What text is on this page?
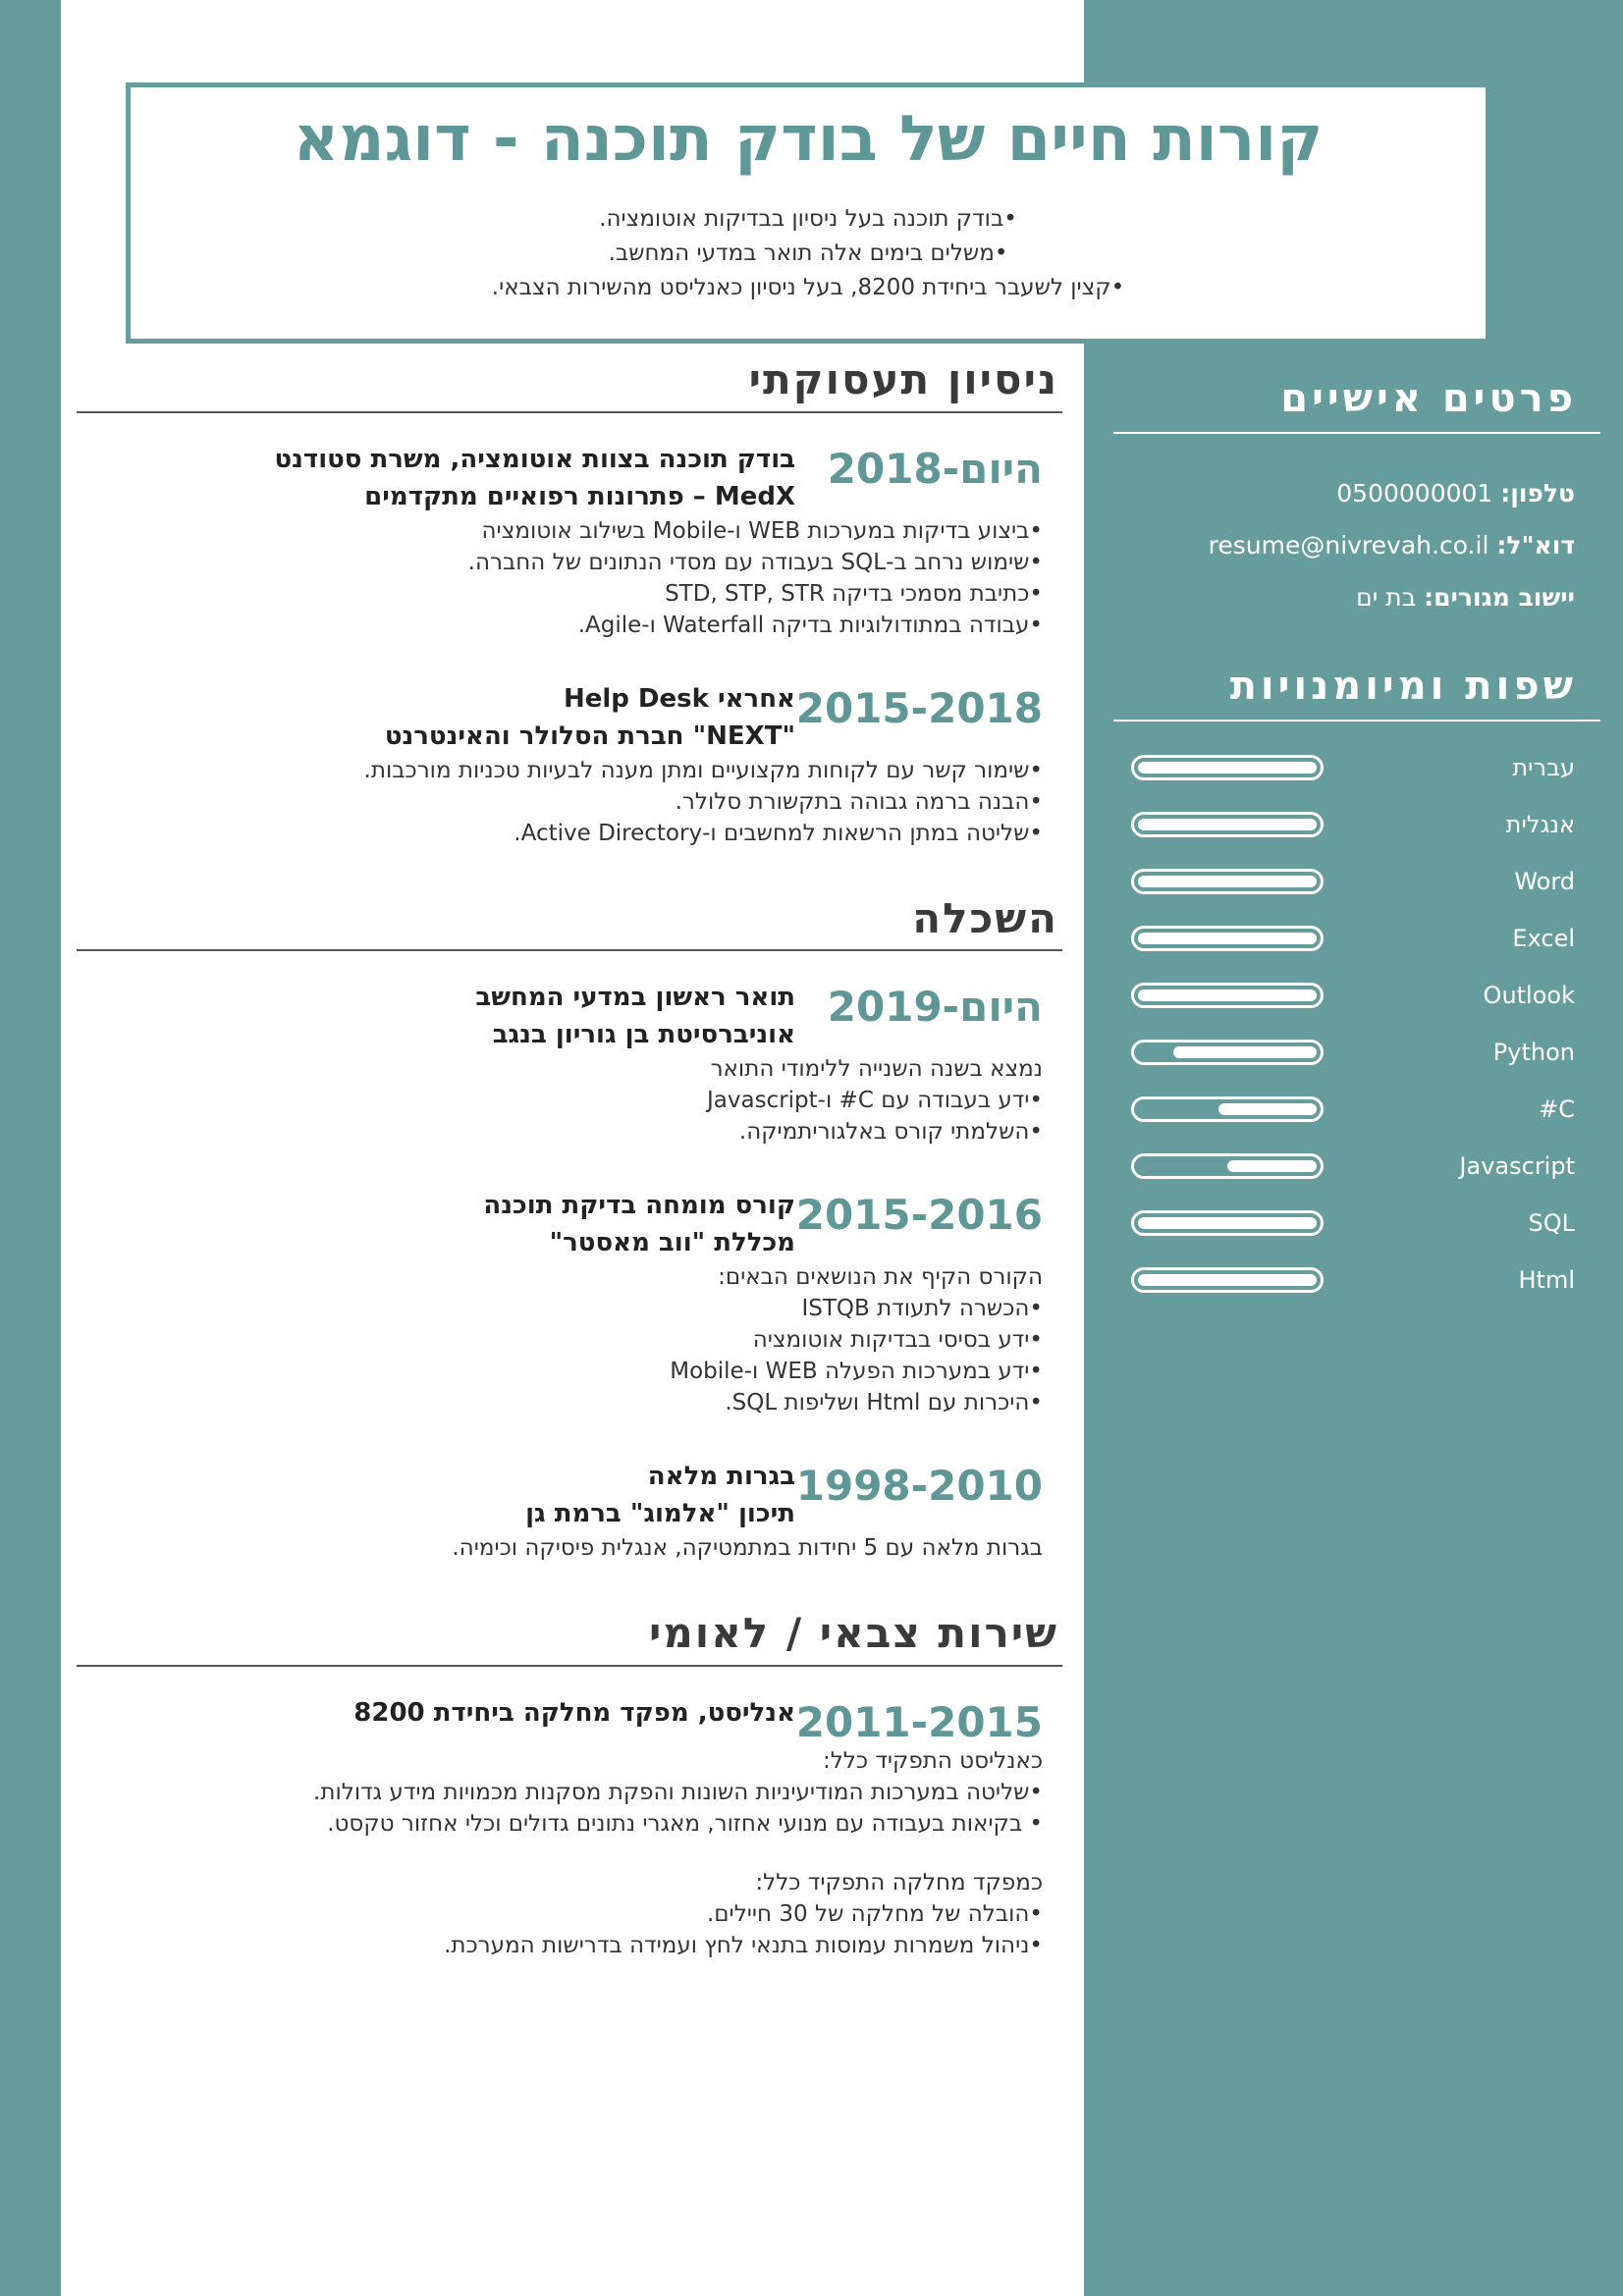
קורות חיים של בודק תוכנה - דוגמא
•בודק תוכנה בעל ניסיון בבדיקות אוטומציה.
•משלים בימים אלה תואר במדעי המחשב.
•קצין לשעבר ביחידת 8200, בעל ניסיון כאנליסט מהשירות הצבאי.
ניסיון תעסוקתי
2018-היום
בודק תוכנה בצוות אוטומציה, משרת סטודנט
MedX – פתרונות רפואיים מתקדמים
•ביצוע בדיקות במערכות WEB ו-Mobile בשילוב אוטומציה
•שימוש נרחב ב-SQL בעבודה עם מסדי הנתונים של החברה.
•כתיבת מסמכי בדיקה STD, STP, STR
•עבודה במתודולוגיות בדיקה Waterfall ו-Agile.
2015-2018
אחראי Help Desk
"NEXT" חברת הסלולר והאינטרנט
•שימור קשר עם לקוחות מקצועיים ומתן מענה לבעיות טכניות מורכבות.
•הבנה ברמה גבוהה בתקשורת סלולר.
•שליטה במתן הרשאות למחשבים ו-Active Directory.
השכלה
2019-היום
תואר ראשון במדעי המחשב
אוניברסיטת בן גוריון בנגב
נמצא בשנה השנייה ללימודי התואר
•ידע בעבודה עם C# ו-Javascript
•השלמתי קורס באלגוריתמיקה.
2015-2016
קורס מומחה בדיקת תוכנה
מכללת "ווב מאסטר"
הקורס הקיף את הנושאים הבאים:
•הכשרה לתעודת ISTQB
•ידע בסיסי בבדיקות אוטומציה
•ידע במערכות הפעלה WEB ו-Mobile
•היכרות עם Html ושליפות SQL.
1998-2010
בגרות מלאה
תיכון "אלמוג" ברמת גן
בגרות מלאה עם 5 יחידות במתמטיקה, אנגלית פיסיקה וכימיה.
שירות צבאי / לאומי
2011-2015
אנליסט, מפקד מחלקה ביחידת 8200
כאנליסט התפקיד כלל:
•שליטה במערכות המודיעיניות השונות והפקת מסקנות מכמויות מידע גדולות.
• בקיאות בעבודה עם מנועי אחזור, מאגרי נתונים גדולים וכלי אחזור טקסט.
כמפקד מחלקה התפקיד כלל:
•הובלה של מחלקה של 30 חיילים.
•ניהול משמרות עמוסות בתנאי לחץ ועמידה בדרישות המערכת.
פרטים אישיים
טלפון: 0500000001
דוא"ל: resume@nivrevah.co.il
יישוב מגורים: בת ים
שפות ומיומנויות
עברית
אנגלית
Word
Excel
Outlook
Python
C#
Javascript
SQL
Html
